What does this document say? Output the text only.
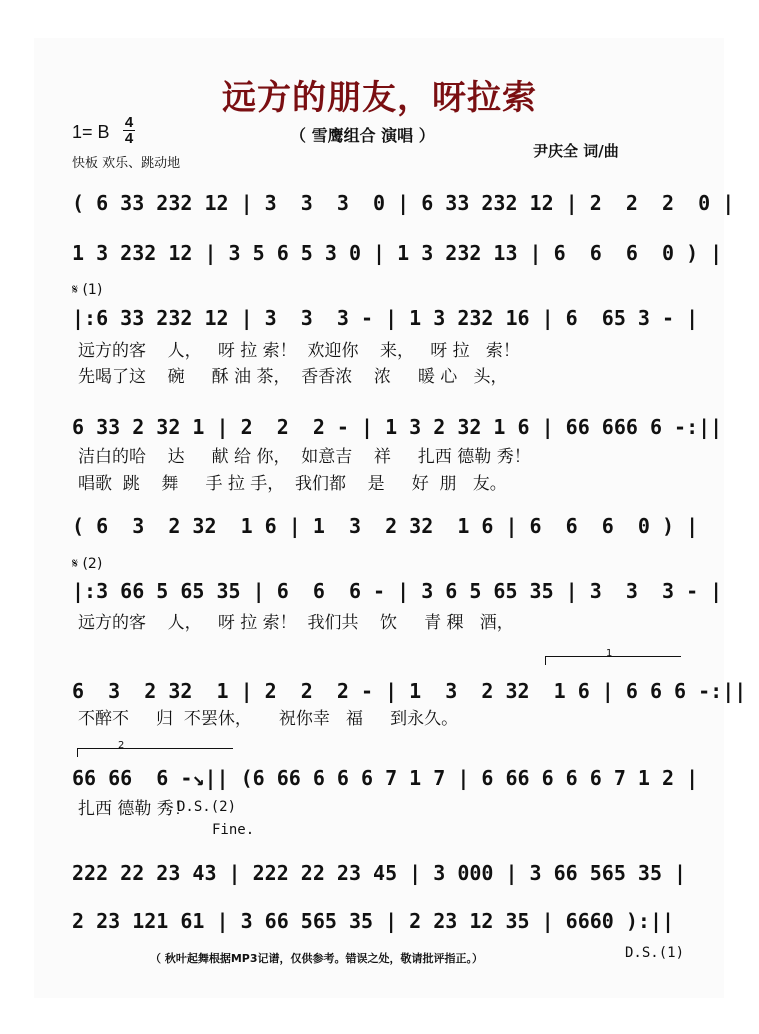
远方的朋友，呀拉索
1= B 4
4
快板 欢乐、跳动地
（ 雪鹰组合 演唱 ）
尹庆全 词/曲
( 6 33 232 12 | 3  3  3  0 | 6 33 232 12 | 2  2  2  0 |
1 3 232 12 | 3 5 6 5 3 0 | 1 3 232 13 | 6  6  6  0 ) |
𝄋 (1)
|:6 33 232 12 | 3  3  3 - | 1 3 232 16 | 6  65 3 - |
远方的客    人，   呀 拉 索！  欢迎你    来，   呀 拉   索！
先喝了这    碗     酥 油 茶，  香香浓    浓     暖 心   头，
6 33 2 32 1 | 2  2  2 - | 1 3 2 32 1 6 | 66 666 6 -:||
洁白的哈    达     献 给 你，  如意吉    祥     扎西 德勒 秀！
唱歌  跳    舞     手 拉 手，  我们都    是     好  朋   友。
( 6  3  2 32  1 6 | 1  3  2 32  1 6 | 6  6  6  0 ) |
𝄋 (2)
|:3 66 5 65 35 | 6  6  6 - | 3 6 5 65 35 | 3  3  3 - |
远方的客    人，   呀 拉 索！  我们共    饮     青 稞   酒，
1
6  3  2 32  1 | 2  2  2 - | 1  3  2 32  1 6 | 6 6 6 -:||
不醉不     归  不罢休，     祝你幸   福     到永久。
2
66 66  6 -↘|| (6 66 6 6 6 7 1 7 | 6 66 6 6 6 7 1 2 |
扎西 德勒 秀！
D.S.(2)
Fine.
222 22 23 43 | 222 22 23 45 | 3 000 | 3 66 565 35 |
2 23 121 61 | 3 66 565 35 | 2 23 12 35 | 6660 ):||
（ 秋叶起舞根据MP3记谱，仅供参考。错误之处，敬请批评指正。）	D.S.(1)
